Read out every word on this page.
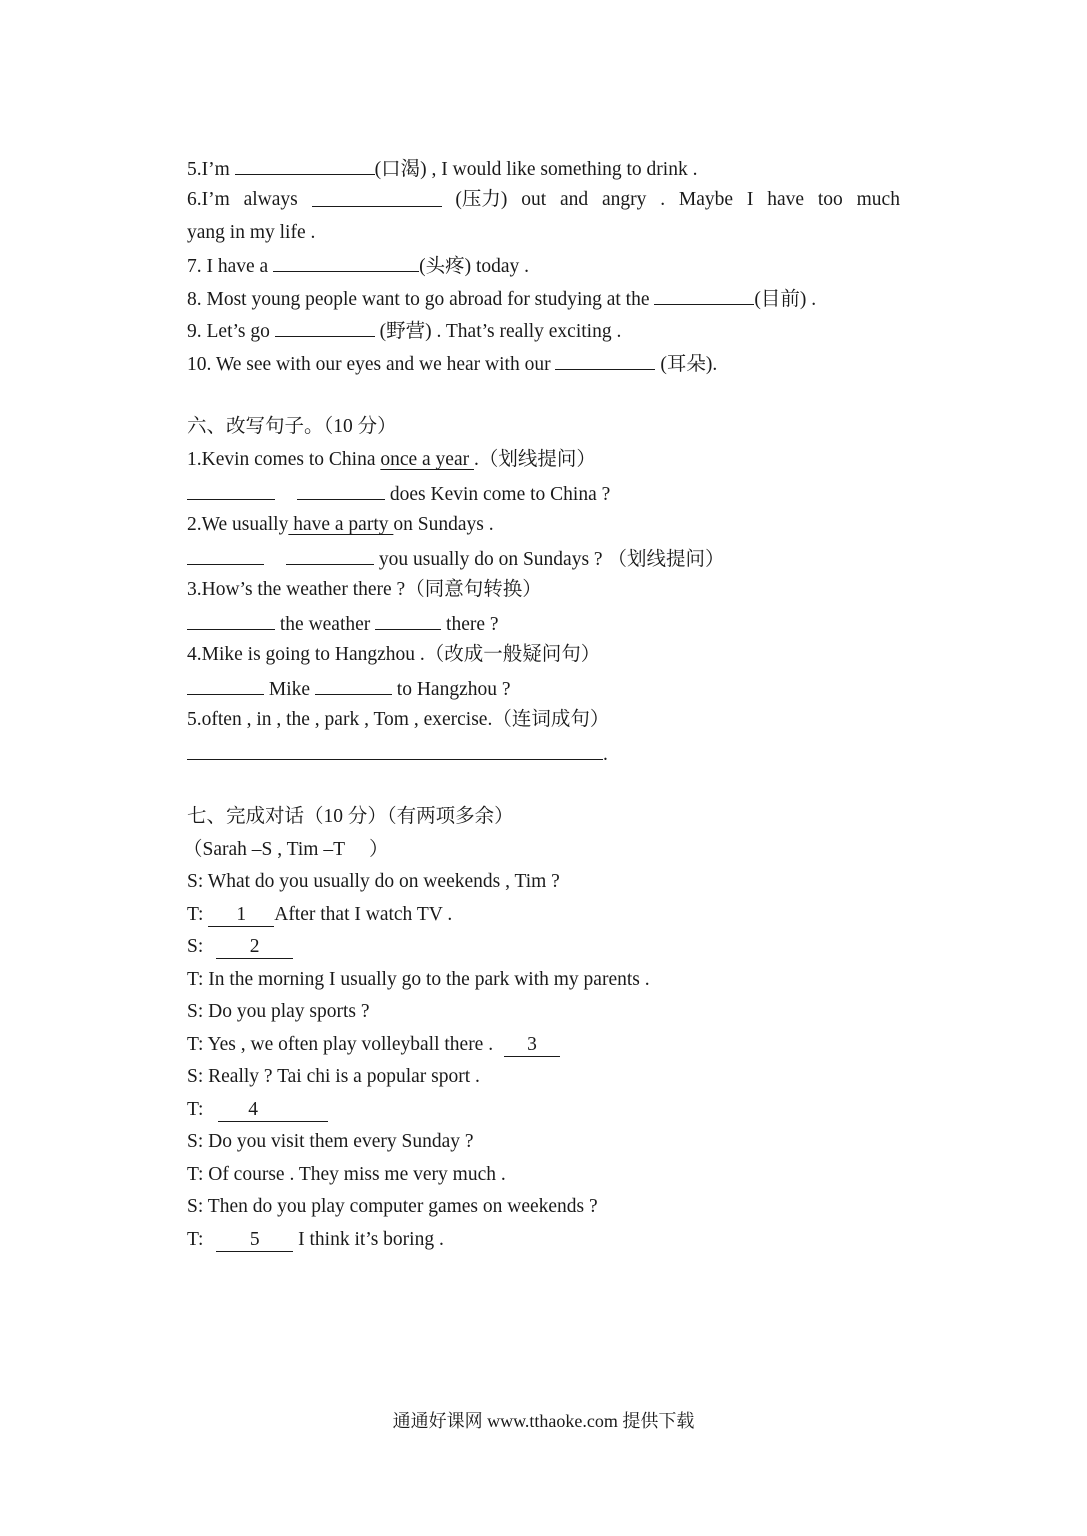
5.I’m	(口渴) , I would like something to drink .
6.I’m always	(压力) out and angry . Maybe I have too much
yang in my life .
7. I have a	(头疼) today .
8. Most young people want to go abroad for studying at the	(目前) .
9. Let’s go	(野营) . That’s really exciting .
10. We see with our eyes and we hear with our	(耳朵).
六、改写句子。（10 分）
1.Kevin comes to China once a year .（划线提问）
does Kevin come to China ?
2.We usually have a party on Sundays .
you usually do on Sundays ? （划线提问）
3.How’s the weather there ?（同意句转换）
the weather	there ?
4.Mike is going to Hangzhou .（改成一般疑问句）
Mike	to Hangzhou ?
5.often , in , the , park , Tom , exercise.（连词成句）
.
七、完成对话（10 分）（有两项多余）
（Sarah –S , Tim –T 　）
S: What do you usually do on weekends , Tim ?
T: 1 After that I watch TV .
S: 2
T: In the morning I usually go to the park with my parents .
S: Do you play sports ?
T: Yes , we often play volleyball there . 3
S: Really ? Tai chi is a popular sport .
T: 4
S: Do you visit them every Sunday ?
T: Of course . They miss me very much .
S: Then do you play computer games on weekends ?
T: 5 I think it’s boring .
通通好课网 www.tthaoke.com 提供下载
